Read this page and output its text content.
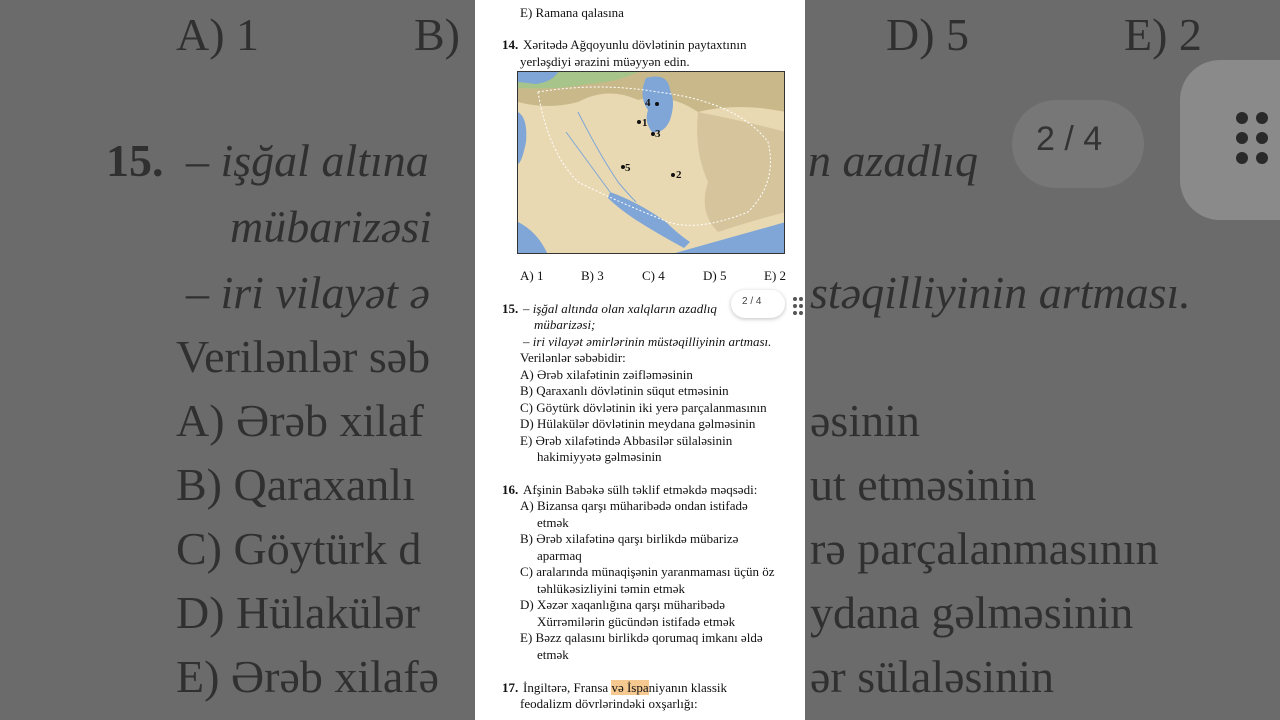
A) 1	B)	D) 5	E) 2
15. – işğal altına	n azadlıq
mübarizəsi
– iri vilayət ə	stəqilliyinin artması.
Verilənlər səb
A) Ərəb xilaf	əsinin
B) Qaraxanlı	ut etməsinin
C) Göytürk d	rə parçalanmasının
D) Hülakülər	ydana gəlməsinin
E) Ərəb xilafə	ər sülaləsinin
2 / 4
E) Ramana qalasına
14. Xəritədə Ağqoyunlu dövlətinin paytaxtının
yerləşdiyi ərazini müəyyən edin.
4
1
3
5
2
A) 1	B) 3	C) 4	D) 5	E) 2
15. – işğal altında olan xalqların azadlıq
mübarizəsi;
– iri vilayət əmirlərinin müstəqilliyinin artması.
Verilənlər səbəbidir:
A) Ərəb xilafətinin zəifləməsinin
B) Qaraxanlı dövlətinin süqut etməsinin
C) Göytürk dövlətinin iki yerə parçalanmasının
D) Hülakülər dövlətinin meydana gəlməsinin
E) Ərəb xilafətində Abbasilər sülaləsinin
hakimiyyətə gəlməsinin
16. Afşinin Babəkə sülh təklif etməkdə məqsədi:
A) Bizansa qarşı müharibədə ondan istifadə
etmək
B) Ərəb xilafətinə qarşı birlikdə mübarizə
aparmaq
C) aralarında münaqişənin yaranmaması üçün öz
təhlükəsizliyini təmin etmək
D) Xəzər xaqanlığına qarşı müharibədə
Xürrəmilərin gücündən istifadə etmək
E) Bəzz qalasını birlikdə qorumaq imkanı əldə
etmək
17. İngiltərə, Fransa və İspaniyanın klassik
feodalizm dövrlərindəki oxşarlığı:
2 / 4
